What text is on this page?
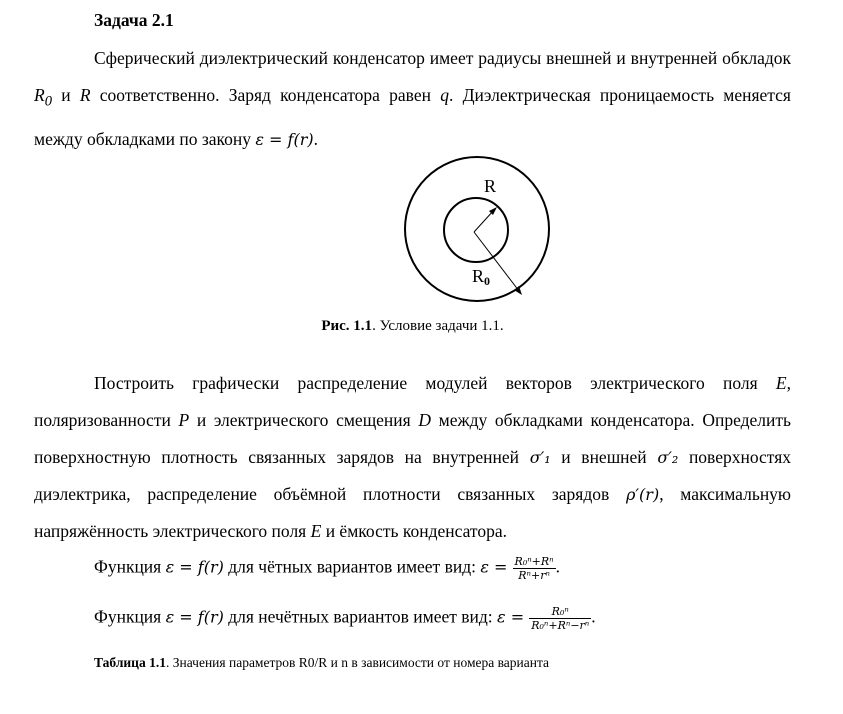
Задача 2.1

Сферический диэлектрический конденсатор имеет радиусы внешней и внутренней обкладок $R_0$ и R соответственно. Заряд конденсатора равен q. Диэлектрическая проницаемость меняется между обкладками по закону ε = f(r).

R
R0
Рис. 1.1. Условие задачи 1.1.

Построить графически распределение модулей векторов электрического поля E, поляризованности P и электрического смещения D между обкладками конденсатора. Определить поверхностную плотность связанных зарядов на внутренней σ′₁ и внешней σ′₂ поверхностях диэлектрика, распределение объёмной плотности связанных зарядов ρ′(r), максимальную напряжённость электрического поля E и ёмкость конденсатора.

Функция ε = f(r) для чётных вариантов имеет вид: $\varepsilon = \frac{\text{R₀ⁿ+Rⁿ}}{\text{Rⁿ+rⁿ}}$ .
Функция ε = f(r) для нечётных вариантов имеет вид: $\varepsilon = \frac{\text{R₀ⁿ}}{\text{R₀ⁿ+Rⁿ−rⁿ}}$ .
Таблица 1.1. Значения параметров R0/R и n в зависимости от номера варианта
